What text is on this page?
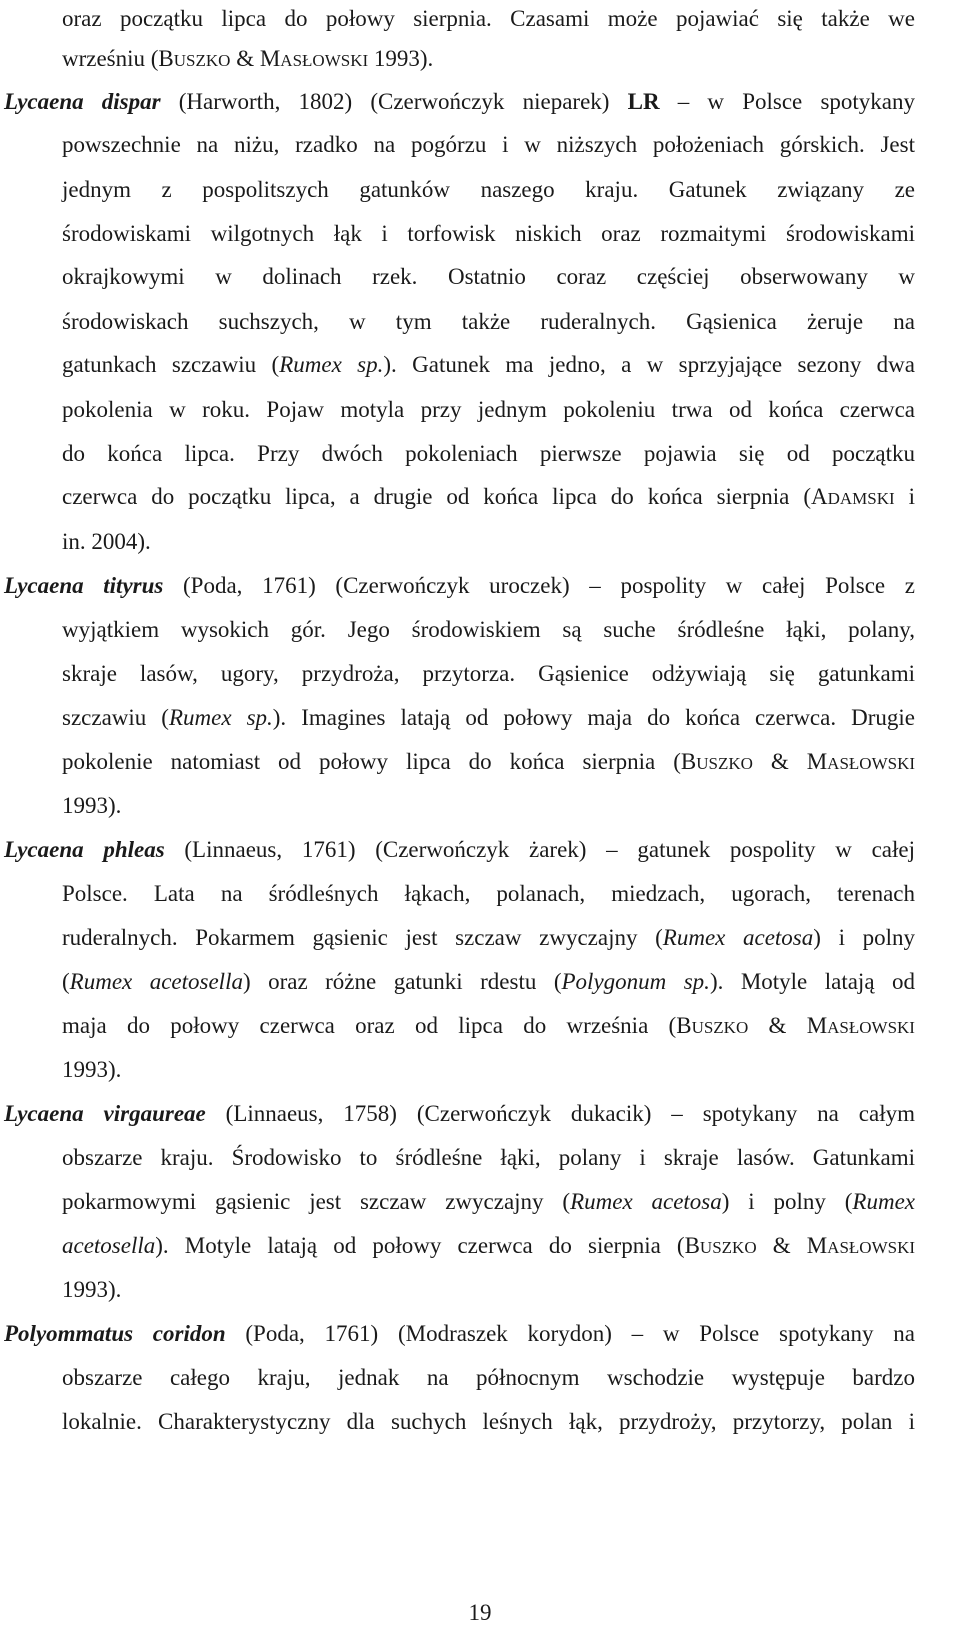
oraz początku lipca do połowy sierpnia. Czasami może pojawiać się także we
wrześniu (BUSZKO & MASŁOWSKI 1993).
Lycaena dispar (Harworth, 1802) (Czerwończyk nieparek) LR – w Polsce spotykany
powszechnie na niżu, rzadko na pogórzu i w niższych położeniach górskich. Jest
jednym z pospolitszych gatunków naszego kraju. Gatunek związany ze
środowiskami wilgotnych łąk i torfowisk niskich oraz rozmaitymi środowiskami
okrajkowymi w dolinach rzek. Ostatnio coraz częściej obserwowany w
środowiskach suchszych, w tym także ruderalnych. Gąsienica żeruje na
gatunkach szczawiu (Rumex sp.). Gatunek ma jedno, a w sprzyjające sezony dwa
pokolenia w roku. Pojaw motyla przy jednym pokoleniu trwa od końca czerwca
do końca lipca. Przy dwóch pokoleniach pierwsze pojawia się od początku
czerwca do początku lipca, a drugie od końca lipca do końca sierpnia (ADAMSKI i
in. 2004).
Lycaena tityrus (Poda, 1761) (Czerwończyk uroczek) – pospolity w całej Polsce z
wyjątkiem wysokich gór. Jego środowiskiem są suche śródleśne łąki, polany,
skraje lasów, ugory, przydroża, przytorza. Gąsienice odżywiają się gatunkami
szczawiu (Rumex sp.). Imagines latają od połowy maja do końca czerwca. Drugie
pokolenie natomiast od połowy lipca do końca sierpnia (BUSZKO & MASŁOWSKI
1993).
Lycaena phleas (Linnaeus, 1761) (Czerwończyk żarek) – gatunek pospolity w całej
Polsce. Lata na śródleśnych łąkach, polanach, miedzach, ugorach, terenach
ruderalnych. Pokarmem gąsienic jest szczaw zwyczajny (Rumex acetosa) i polny
(Rumex acetosella) oraz różne gatunki rdestu (Polygonum sp.). Motyle latają od
maja do połowy czerwca oraz od lipca do września (BUSZKO & MASŁOWSKI
1993).
Lycaena virgaureae (Linnaeus, 1758) (Czerwończyk dukacik) – spotykany na całym
obszarze kraju. Środowisko to śródleśne łąki, polany i skraje lasów. Gatunkami
pokarmowymi gąsienic jest szczaw zwyczajny (Rumex acetosa) i polny (Rumex
acetosella). Motyle latają od połowy czerwca do sierpnia (BUSZKO & MASŁOWSKI
1993).
Polyommatus coridon (Poda, 1761) (Modraszek korydon) – w Polsce spotykany na
obszarze całego kraju, jednak na północnym wschodzie występuje bardzo
lokalnie. Charakterystyczny dla suchych leśnych łąk, przydroży, przytorzy, polan i
19
